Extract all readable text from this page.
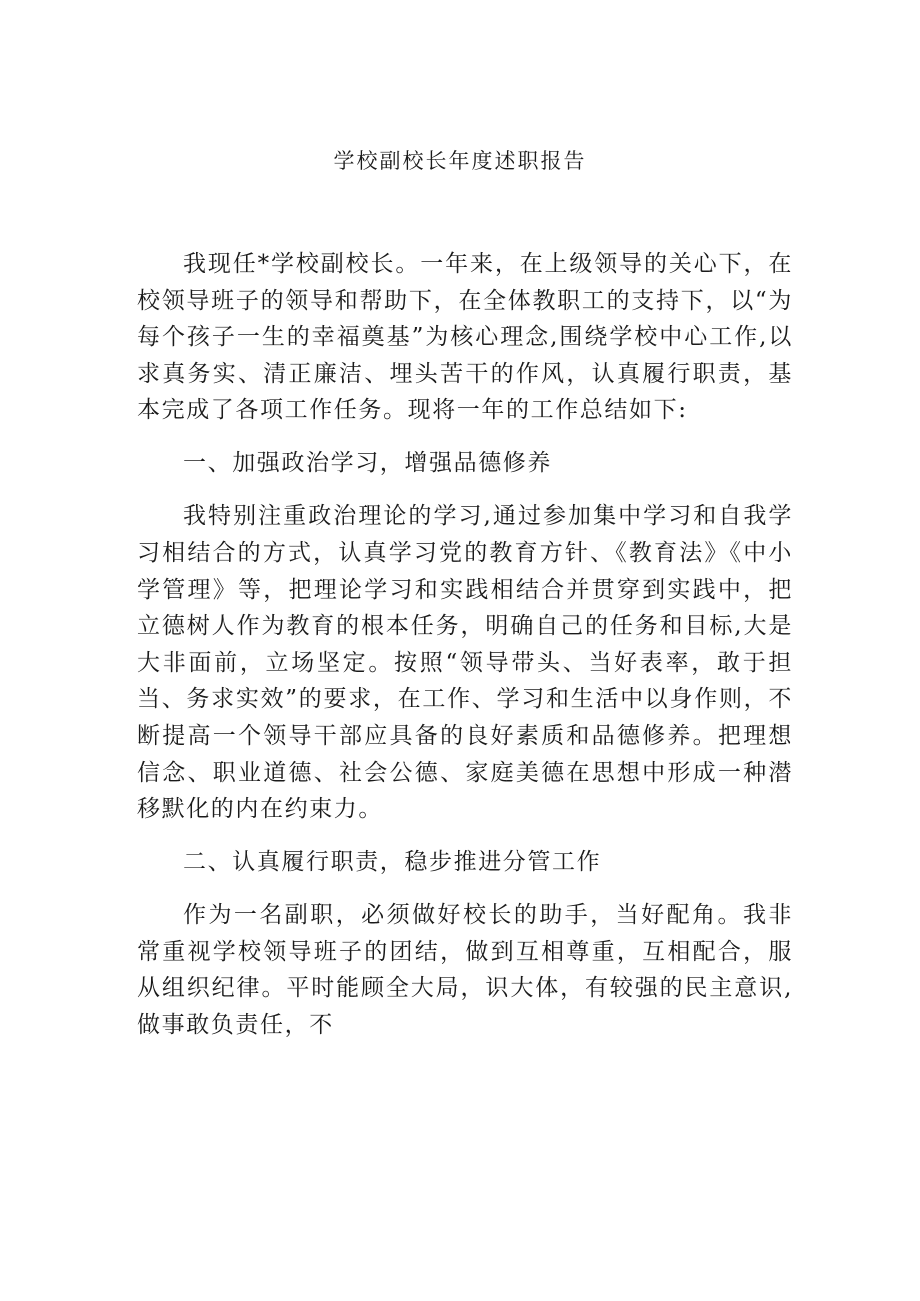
学校副校长年度述职报告

我现任*学校副校长。一年来，在上级领导的关心下，在校领导班子的领导和帮助下，在全体教职工的支持下，以“为每个孩子一生的幸福奠基”为核心理念,围绕学校中心工作,以求真务实、清正廉洁、埋头苦干的作风，认真履行职责，基本完成了各项工作任务。现将一年的工作总结如下:

一、加强政治学习，增强品德修养

我特别注重政治理论的学习,通过参加集中学习和自我学习相结合的方式，认真学习党的教育方针、《教育法》《中小学管理》等，把理论学习和实践相结合并贯穿到实践中，把立德树人作为教育的根本任务，明确自己的任务和目标,大是大非面前，立场坚定。按照“领导带头、当好表率，敢于担当、务求实效”的要求，在工作、学习和生活中以身作则，不断提高一个领导干部应具备的良好素质和品德修养。把理想信念、职业道德、社会公德、家庭美德在思想中形成一种潜移默化的内在约束力。

二、认真履行职责，稳步推进分管工作

作为一名副职，必须做好校长的助手，当好配角。我非常重视学校领导班子的团结，做到互相尊重，互相配合，服从组织纪律。平时能顾全大局，识大体，有较强的民主意识,做事敢负责任，不
